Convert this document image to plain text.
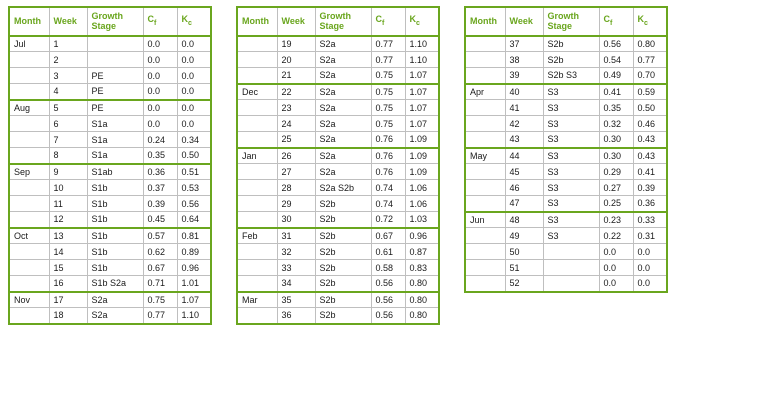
Month	Week	Growth Stage	$C_f$	$K_c$
Jul	1		0.0	0.0
	2		0.0	0.0
	3	PE	0.0	0.0
	4	PE	0.0	0.0
Aug	5	PE	0.0	0.0
	6	S1a	0.0	0.0
	7	S1a	0.24	0.34
	8	S1a	0.35	0.50
Sep	9	S1ab	0.36	0.51
	10	S1b	0.37	0.53
	11	S1b	0.39	0.56
	12	S1b	0.45	0.64
Oct	13	S1b	0.57	0.81
	14	S1b	0.62	0.89
	15	S1b	0.67	0.96
	16	S1b S2a	0.71	1.01
Nov	17	S2a	0.75	1.07
	18	S2a	0.77	1.10
Month	Week	Growth Stage	$C_f$	$K_c$
	19	S2a	0.77	1.10
	20	S2a	0.77	1.10
	21	S2a	0.75	1.07
Dec	22	S2a	0.75	1.07
	23	S2a	0.75	1.07
	24	S2a	0.75	1.07
	25	S2a	0.76	1.09
Jan	26	S2a	0.76	1.09
	27	S2a	0.76	1.09
	28	S2a S2b	0.74	1.06
	29	S2b	0.74	1.06
	30	S2b	0.72	1.03
Feb	31	S2b	0.67	0.96
	32	S2b	0.61	0.87
	33	S2b	0.58	0.83
	34	S2b	0.56	0.80
Mar	35	S2b	0.56	0.80
	36	S2b	0.56	0.80
Month	Week	Growth Stage	$C_f$	$K_c$
	37	S2b	0.56	0.80
	38	S2b	0.54	0.77
	39	S2b S3	0.49	0.70
Apr	40	S3	0.41	0.59
	41	S3	0.35	0.50
	42	S3	0.32	0.46
	43	S3	0.30	0.43
May	44	S3	0.30	0.43
	45	S3	0.29	0.41
	46	S3	0.27	0.39
	47	S3	0.25	0.36
Jun	48	S3	0.23	0.33
	49	S3	0.22	0.31
	50		0.0	0.0
	51		0.0	0.0
	52		0.0	0.0
